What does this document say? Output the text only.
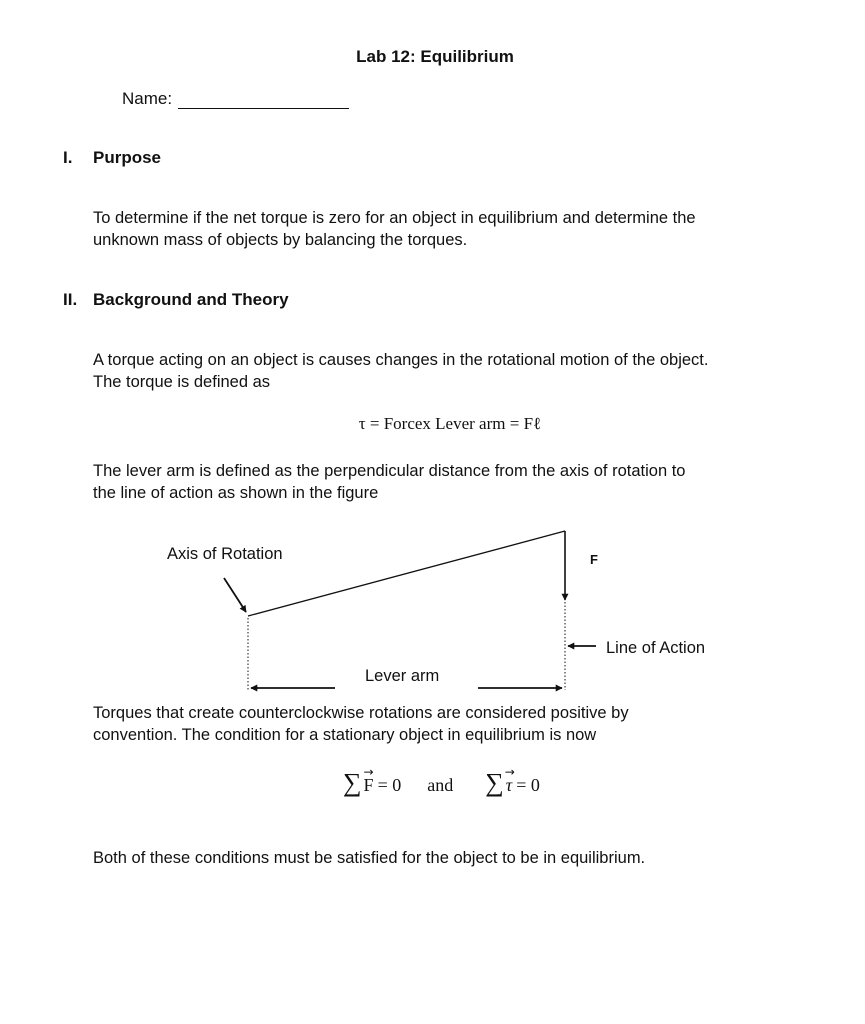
Lab 12: Equilibrium
Name:
I. Purpose
To determine if the net torque is zero for an object in equilibrium and determine the
unknown mass of objects by balancing the torques.
II. Background and Theory
A torque acting on an object is causes changes in the rotational motion of the object.
The torque is defined as
τ = Forcex Lever arm = Fℓ
The lever arm is defined as the perpendicular distance from the axis of rotation to
the line of action as shown in the figure
Axis of Rotation	F
Line of Action
Lever arm
Torques that create counterclockwise rotations are considered positive by
convention. The condition for a stationary object in equilibrium is now
∑ →
F = 0 and ∑ →
τ = 0
Both of these conditions must be satisfied for the object to be in equilibrium.
